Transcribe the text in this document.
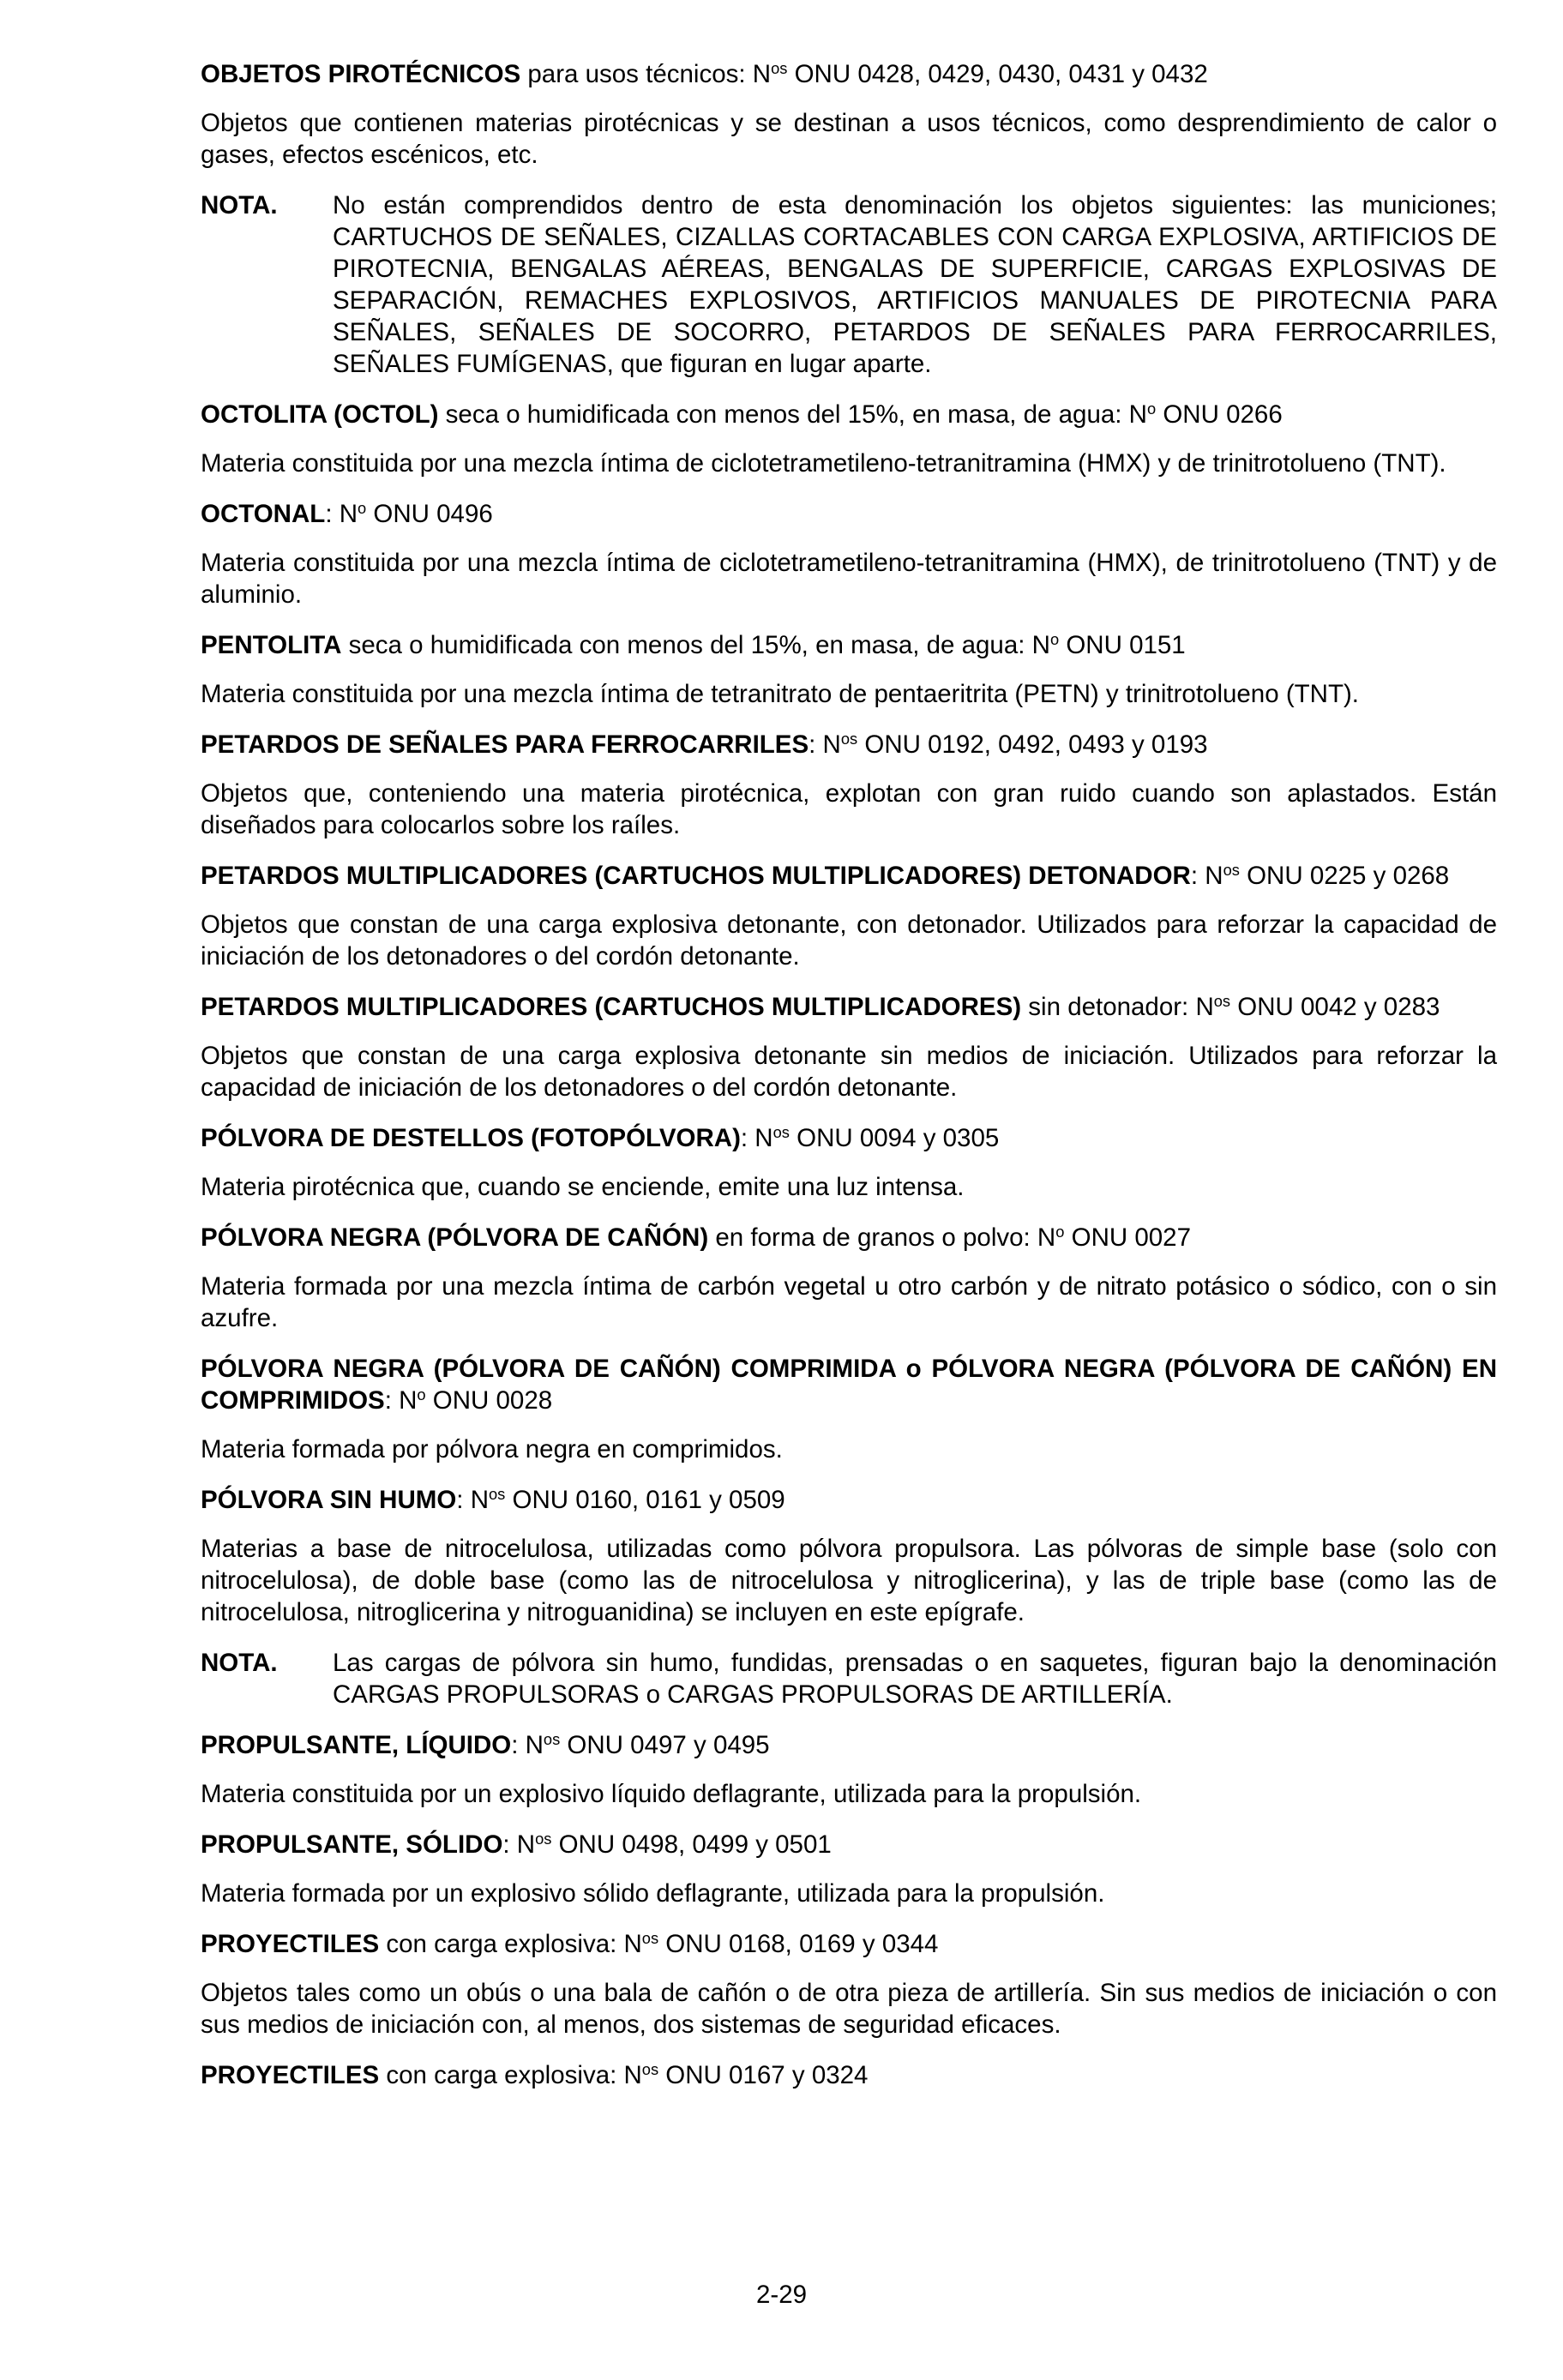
OBJETOS PIROTÉCNICOS para usos técnicos: $N^{os}$ ONU 0428, 0429, 0430, 0431 y 0432

Objetos que contienen materias pirotécnicas y se destinan a usos técnicos, como desprendimiento de calor o gases, efectos escénicos, etc.

NOTA.	No están comprendidos dentro de esta denominación los objetos siguientes: las municiones; CARTUCHOS DE SEÑALES, CIZALLAS CORTACABLES CON CARGA EXPLOSIVA, ARTIFICIOS DE PIROTECNIA, BENGALAS AÉREAS, BENGALAS DE SUPERFICIE, CARGAS EXPLOSIVAS DE SEPARACIÓN, REMACHES EXPLOSIVOS, ARTIFICIOS MANUALES DE PIROTECNIA PARA SEÑALES, SEÑALES DE SOCORRO, PETARDOS DE SEÑALES PARA FERROCARRILES, SEÑALES FUMÍGENAS, que figuran en lugar aparte.

OCTOLITA (OCTOL) seca o humidificada con menos del 15%, en masa, de agua: $N^o$ ONU 0266

Materia constituida por una mezcla íntima de ciclotetrametileno-tetranitramina (HMX) y de trinitrotolueno (TNT).

OCTONAL: $N^o$ ONU 0496

Materia constituida por una mezcla íntima de ciclotetrametileno-tetranitramina (HMX), de trinitrotolueno (TNT) y de aluminio.

PENTOLITA seca o humidificada con menos del 15%, en masa, de agua: $N^o$ ONU 0151

Materia constituida por una mezcla íntima de tetranitrato de pentaeritrita (PETN) y trinitrotolueno (TNT).

PETARDOS DE SEÑALES PARA FERROCARRILES: $N^{os}$ ONU 0192, 0492, 0493 y 0193

Objetos que, conteniendo una materia pirotécnica, explotan con gran ruido cuando son aplastados. Están diseñados para colocarlos sobre los raíles.

PETARDOS MULTIPLICADORES (CARTUCHOS MULTIPLICADORES) DETONADOR: $N^{os}$ ONU 0225 y 0268

Objetos que constan de una carga explosiva detonante, con detonador. Utilizados para reforzar la capacidad de iniciación de los detonadores o del cordón detonante.

PETARDOS MULTIPLICADORES (CARTUCHOS MULTIPLICADORES) sin detonador: $N^{os}$ ONU 0042 y 0283

Objetos que constan de una carga explosiva detonante sin medios de iniciación. Utilizados para reforzar la capacidad de iniciación de los detonadores o del cordón detonante.

PÓLVORA DE DESTELLOS (FOTOPÓLVORA): $N^{os}$ ONU 0094 y 0305

Materia pirotécnica que, cuando se enciende, emite una luz intensa.

PÓLVORA NEGRA (PÓLVORA DE CAÑÓN) en forma de granos o polvo: $N^o$ ONU 0027

Materia formada por una mezcla íntima de carbón vegetal u otro carbón y de nitrato potásico o sódico, con o sin azufre.

PÓLVORA NEGRA (PÓLVORA DE CAÑÓN) COMPRIMIDA o PÓLVORA NEGRA (PÓLVORA DE CAÑÓN) EN COMPRIMIDOS: $N^o$ ONU 0028

Materia formada por pólvora negra en comprimidos.

PÓLVORA SIN HUMO: $N^{os}$ ONU 0160, 0161 y 0509

Materias a base de nitrocelulosa, utilizadas como pólvora propulsora. Las pólvoras de simple base (solo con nitrocelulosa), de doble base (como las de nitrocelulosa y nitroglicerina), y las de triple base (como las de nitrocelulosa, nitroglicerina y nitroguanidina) se incluyen en este epígrafe.

NOTA.	Las cargas de pólvora sin humo, fundidas, prensadas o en saquetes, figuran bajo la denominación CARGAS PROPULSORAS o CARGAS PROPULSORAS DE ARTILLERÍA.

PROPULSANTE, LÍQUIDO: $N^{os}$ ONU 0497 y 0495

Materia constituida por un explosivo líquido deflagrante, utilizada para la propulsión.

PROPULSANTE, SÓLIDO: $N^{os}$ ONU 0498, 0499 y 0501

Materia formada por un explosivo sólido deflagrante, utilizada para la propulsión.

PROYECTILES con carga explosiva: $N^{os}$ ONU 0168, 0169 y 0344

Objetos tales como un obús o una bala de cañón o de otra pieza de artillería. Sin sus medios de iniciación o con sus medios de iniciación con, al menos, dos sistemas de seguridad eficaces.

PROYECTILES con carga explosiva: $N^{os}$ ONU 0167 y 0324

2-29
